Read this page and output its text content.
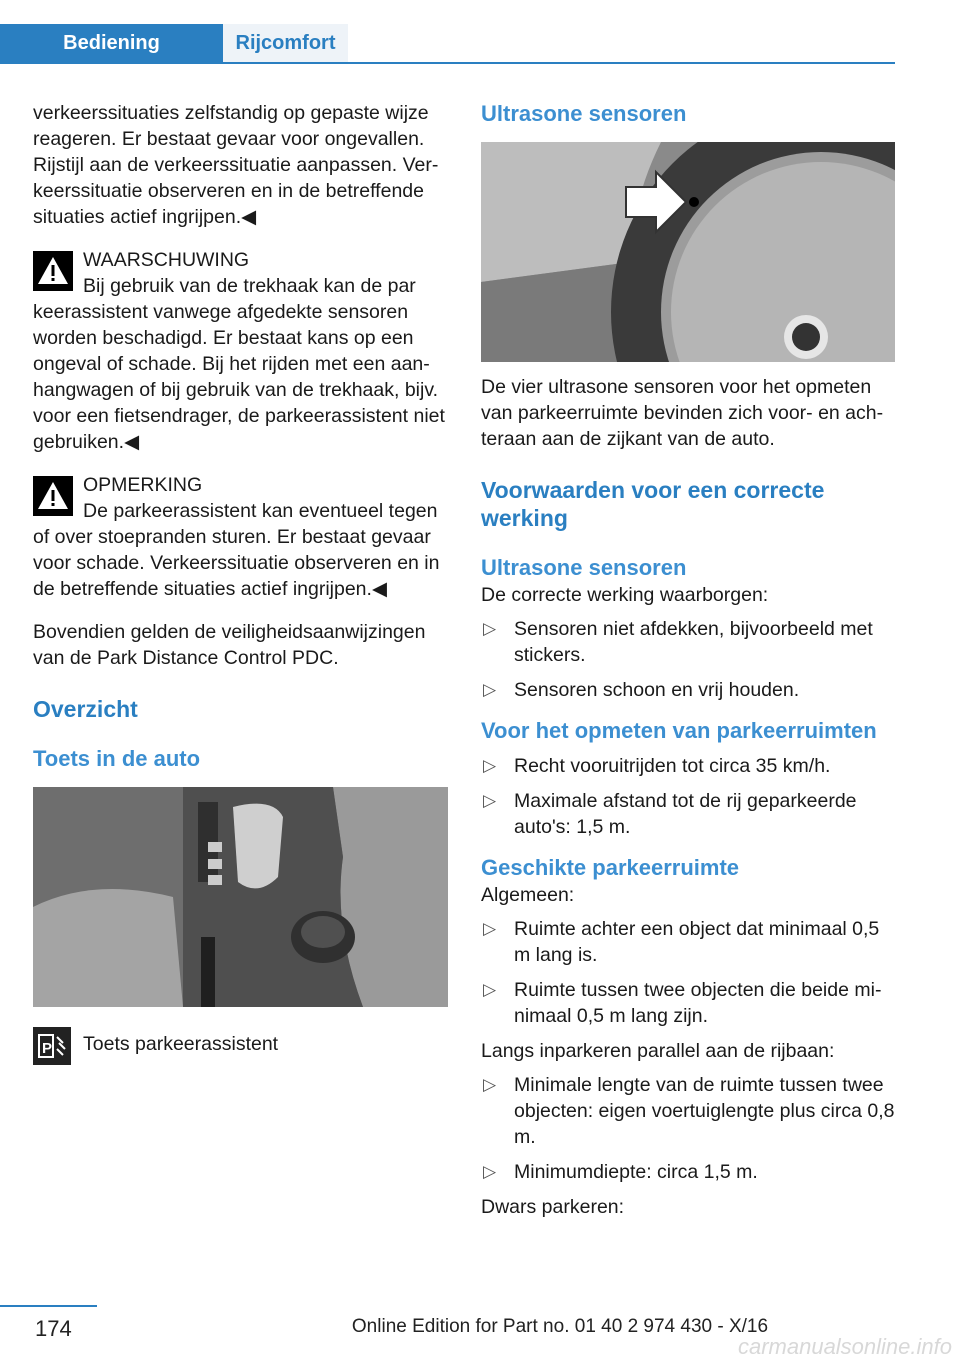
Bediening	Rijcomfort

verkeerssituaties zelfstandig op gepaste wijze reageren. Er bestaat gevaar voor ongevallen. Rijstijl aan de verkeerssituatie aanpassen. Verkeerssituatie observeren en in de betreffende situaties actief ingrijpen.◀

WAARSCHUWING

Bij gebruik van de trekhaak kan de par
keerassistent vanwege afgedekte sensoren worden beschadigd. Er bestaat kans op een ongeval of schade. Bij het rijden met een aanhangwagen of bij gebruik van de trekhaak, bijv. voor een fietsendrager, de parkeerassistent niet gebruiken.◀

OPMERKING

De parkeerassistent kan eventueel tegen
of over stoepranden sturen. Er bestaat gevaar voor schade. Verkeerssituatie observeren en in de betreffende situaties actief ingrijpen.◀

Bovendien gelden de veiligheidsaanwijzingen van de Park Distance Control PDC.

Overzicht
Toets in de auto
P	Toets parkeerassistent

Ultrasone sensoren

De vier ultrasone sensoren voor het opmeten van parkeerruimte bevinden zich voor- en achteraan aan de zijkant van de auto.

Voorwaarden voor een correcte werking
Ultrasone sensoren

De correcte werking waarborgen:

▷ Sensoren niet afdekken, bijvoorbeeld met stickers.
▷ Sensoren schoon en vrij houden.
Voor het opmeten van parkeerruimten
▷ Recht vooruitrijden tot circa 35 km/h.
▷ Maximale afstand tot de rij geparkeerde auto's: 1,5 m.
Geschikte parkeerruimte

Algemeen:

▷ Ruimte achter een object dat minimaal 0,5 m lang is.
▷ Ruimte tussen twee objecten die beide minimaal 0,5 m lang zijn.

Langs inparkeren parallel aan de rijbaan:

▷ Minimale lengte van de ruimte tussen twee objecten: eigen voertuiglengte plus circa 0,8 m.
▷ Minimumdiepte: circa 1,5 m.

Dwars parkeren:

174	Online Edition for Part no. 01 40 2 974 430 - X/16
carmanualsonline.info
